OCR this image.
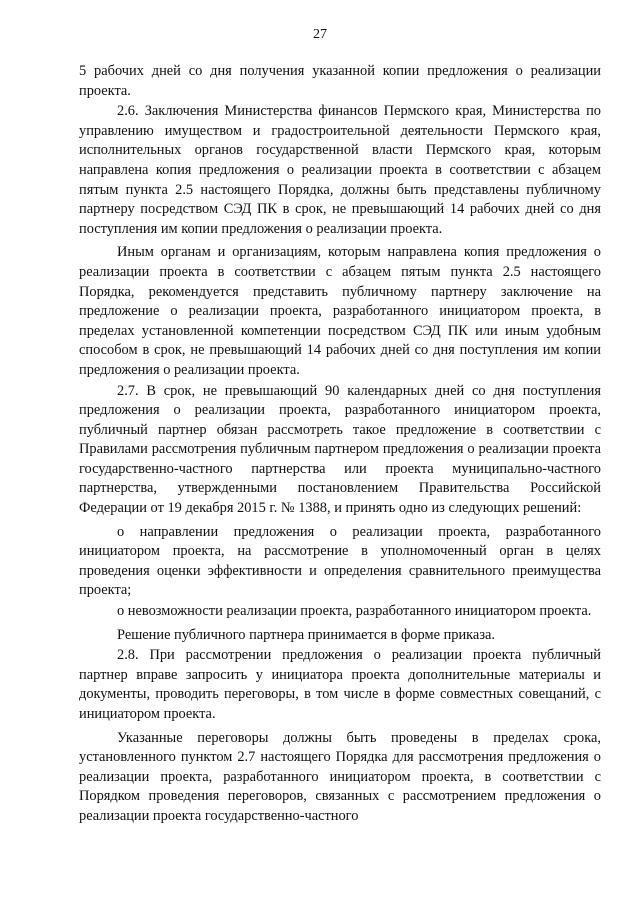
27

5 рабочих дней со дня получения указанной копии предложения о реализации проекта.

2.6. Заключения Министерства финансов Пермского края, Министерства по управлению имуществом и градостроительной деятельности Пермского края, исполнительных органов государственной власти Пермского края, которым направлена копия предложения о реализации проекта в соответствии с абзацем пятым пункта 2.5 настоящего Порядка, должны быть представлены публичному партнеру посредством СЭД ПК в срок, не превышающий 14 рабочих дней со дня поступления им копии предложения о реализации проекта.

Иным органам и организациям, которым направлена копия предложения о реализации проекта в соответствии с абзацем пятым пункта 2.5 настоящего Порядка, рекомендуется представить публичному партнеру заключение на предложение о реализации проекта, разработанного инициатором проекта, в пределах установленной компетенции посредством СЭД ПК или иным удобным способом в срок, не превышающий 14 рабочих дней со дня поступления им копии предложения о реализации проекта.

2.7. В срок, не превышающий 90 календарных дней со дня поступления предложения о реализации проекта, разработанного инициатором проекта, публичный партнер обязан рассмотреть такое предложение в соответствии с Правилами рассмотрения публичным партнером предложения о реализации проекта государственно-частного партнерства или проекта муниципально-частного партнерства, утвержденными постановлением Правительства Российской Федерации от 19 декабря 2015 г. № 1388, и принять одно из следующих решений:

о направлении предложения о реализации проекта, разработанного инициатором проекта, на рассмотрение в уполномоченный орган в целях проведения оценки эффективности и определения сравнительного преимущества проекта;

о невозможности реализации проекта, разработанного инициатором проекта.

Решение публичного партнера принимается в форме приказа.

2.8. При рассмотрении предложения о реализации проекта публичный партнер вправе запросить у инициатора проекта дополнительные материалы и документы, проводить переговоры, в том числе в форме совместных совещаний, с инициатором проекта.

Указанные переговоры должны быть проведены в пределах срока, установленного пунктом 2.7 настоящего Порядка для рассмотрения предложения о реализации проекта, разработанного инициатором проекта, в соответствии с Порядком проведения переговоров, связанных с рассмотрением предложения о реализации проекта государственно-частного
